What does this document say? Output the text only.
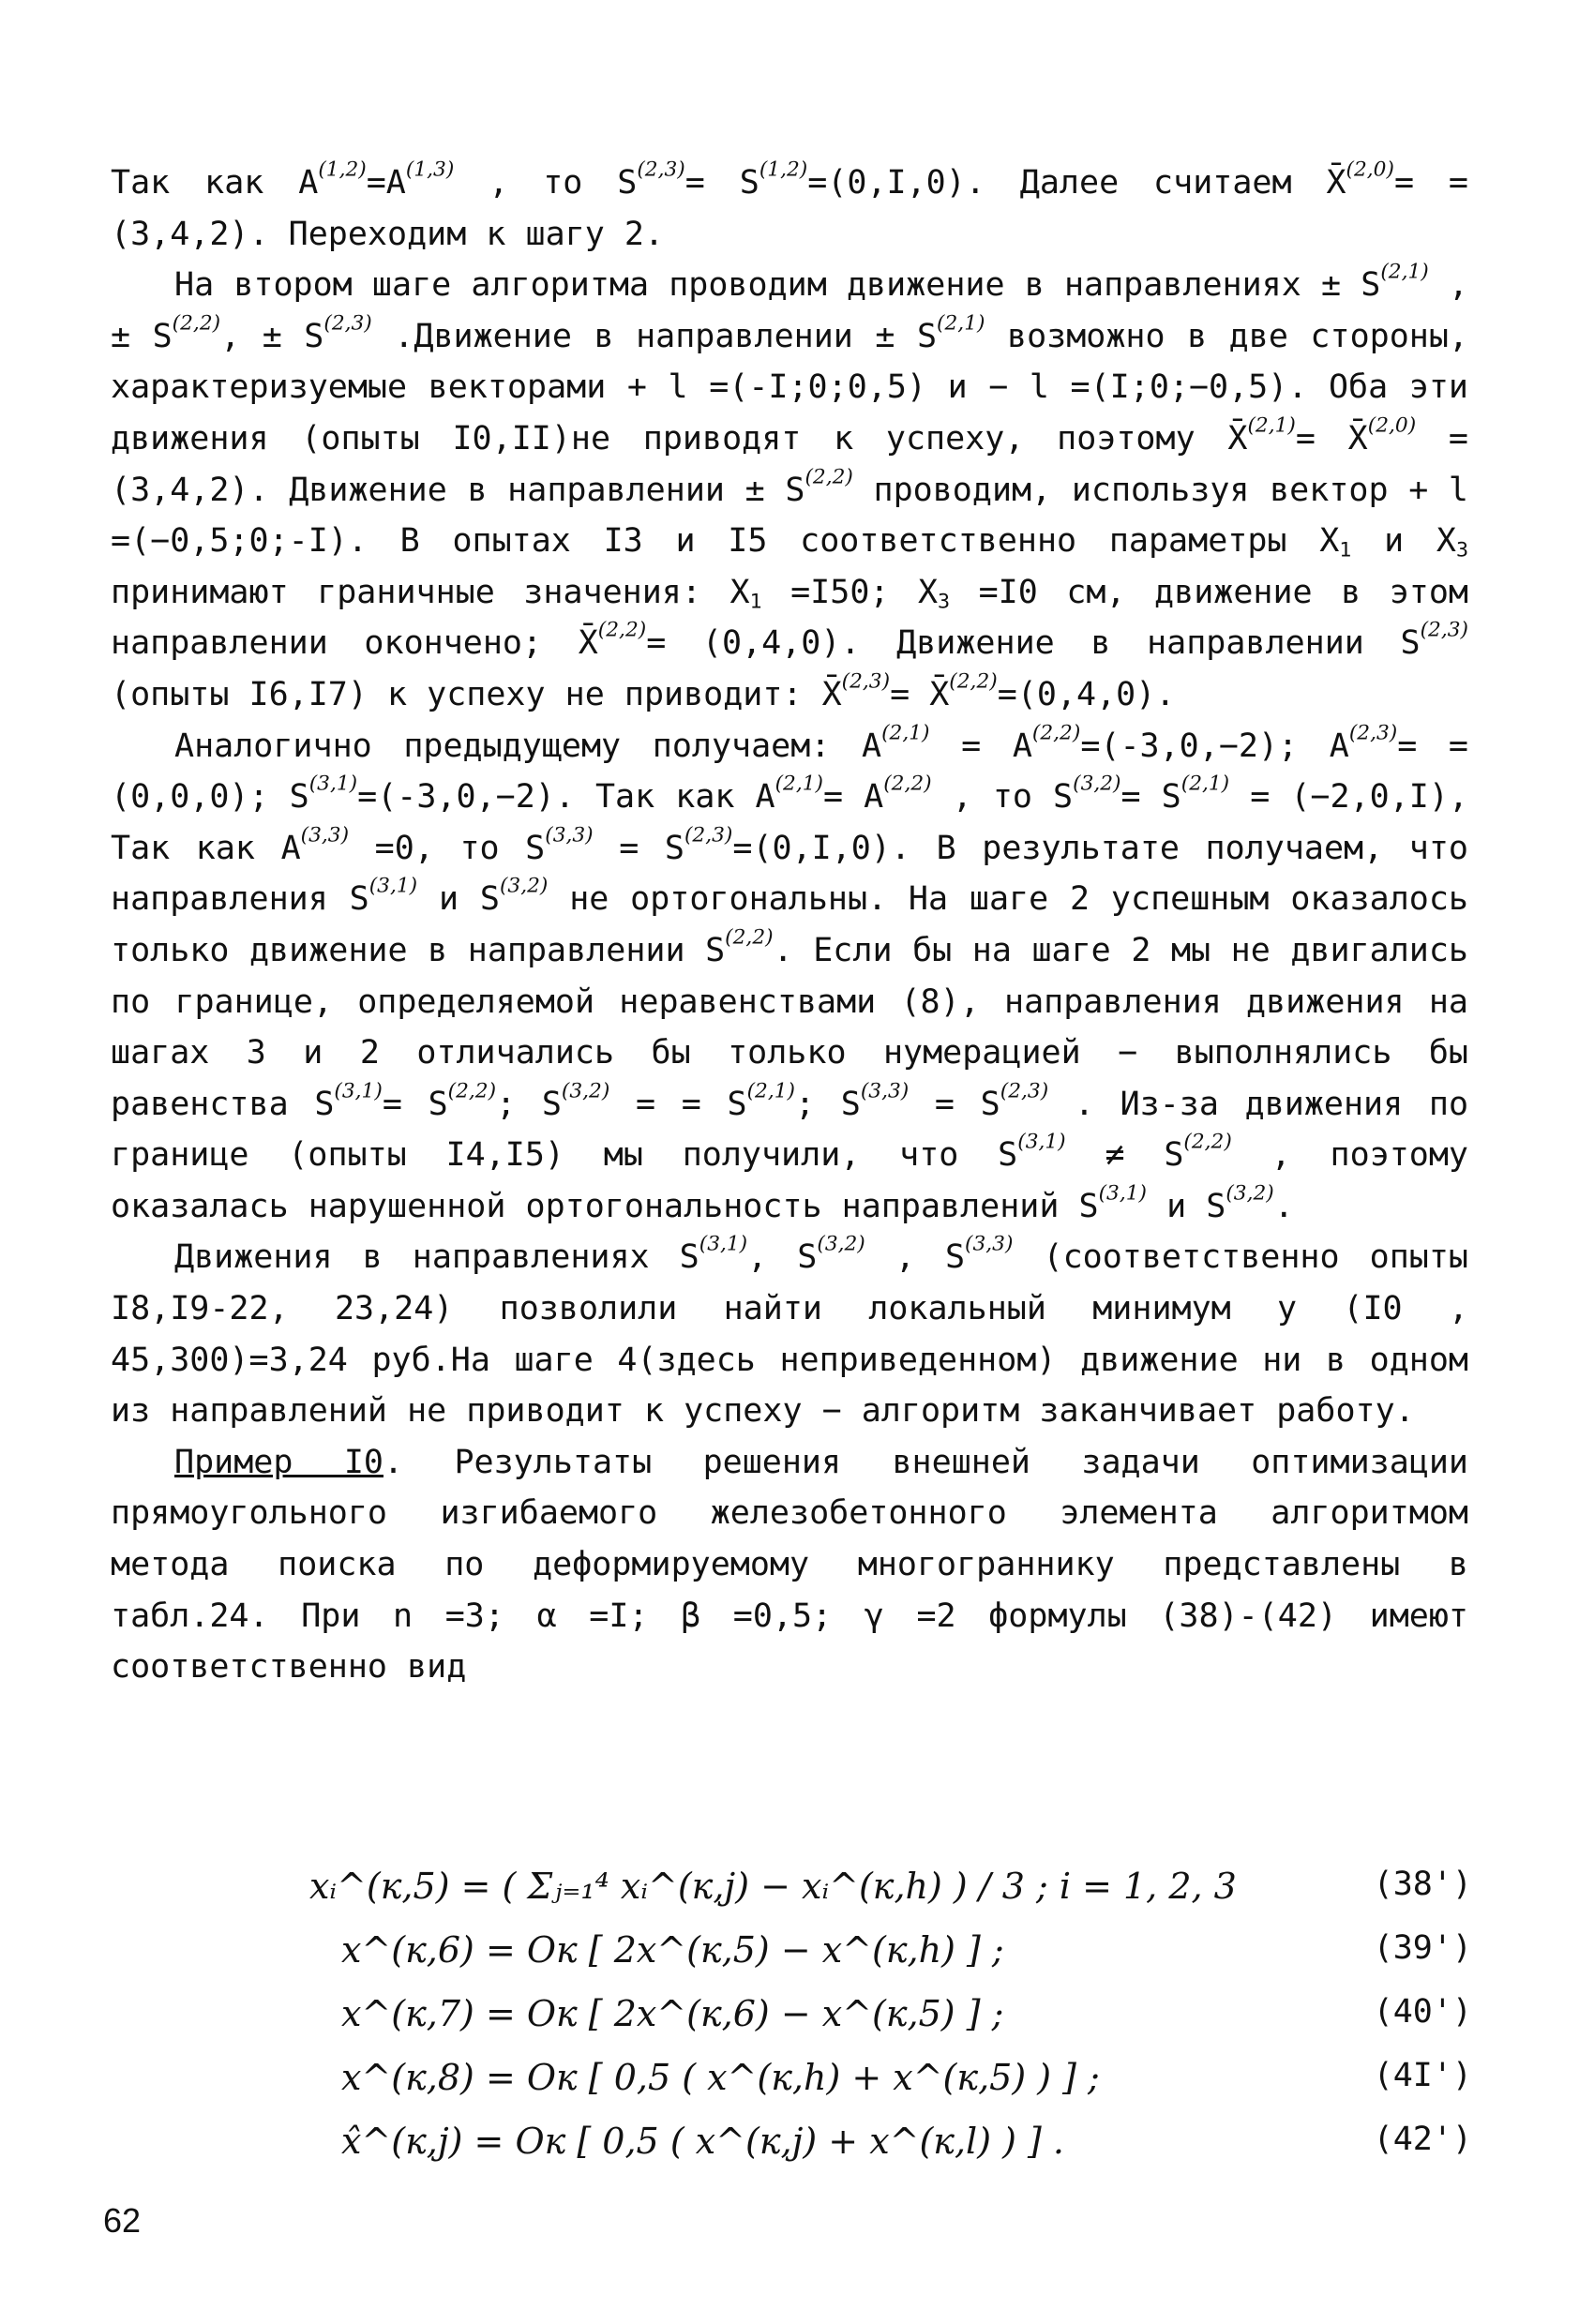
Так как $A^{(1,2)}=A^{(1,3)}$ , то S$^{(2,3)}$= S$^{(1,2)}$=(0,I,0). Далее считаем X̄$^{(2,0)}$= =(3,4,2). Переходим к шагу 2.

На втором шаге алгоритма проводим движение в направлениях ± S$^{(2,1)}$ , ± S$^{(2,2)}$, ± S$^{(2,3)}$ .Движение в направлении ± S$^{(2,1)}$ возможно в две стороны, характеризуемые векторами + l =(-I;0;0,5) и − l =(I;0;−0,5). Оба эти движения (опыты I0,II)не приводят к успеху, поэтому X̄$^{(2,1)}$= X̄$^{(2,0)}$ =(3,4,2). Движение в направлении ± S$^{(2,2)}$ проводим, используя вектор + l =(−0,5;0;-I). В опытах I3 и I5 соответственно параметры $X_1$ и $X_3$ принимают граничные значения: $X_1 =I50$; $X_3 =I0$ см, движение в этом направлении окончено; X̄$^{(2,2)}$= (0,4,0). Движение в направлении S$^{(2,3)}$ (опыты I6,I7) к успеху не приводит: X̄$^{(2,3)}$= X̄$^{(2,2)}$=(0,4,0).

Аналогично предыдущему получаем: A$^{(2,1)}$ = A$^{(2,2)}$=(-3,0,−2); A$^{(2,3)}$= =(0,0,0); S$^{(3,1)}$=(-3,0,−2). Так как A$^{(2,1)}$= A$^{(2,2)}$ , то S$^{(3,2)}$= S$^{(2,1)}$ = (−2,0,I), Так как A$^{(3,3)}$ =0, то S$^{(3,3)}$ = S$^{(2,3)}$=(0,I,0). В результате получаем, что направления S$^{(3,1)}$ и S$^{(3,2)}$ не ортогональны. На шаге 2 успешным оказалось только движение в направлении S$^{(2,2)}$. Если бы на шаге 2 мы не двигались по границе, определяемой неравенствами (8), направления движения на шагах 3 и 2 отличались бы только нумерацией − выполнялись бы равенства S$^{(3,1)}$= S$^{(2,2)}$; S$^{(3,2)}$ = = S$^{(2,1)}$; S$^{(3,3)}$ = S$^{(2,3)}$ . Из-за движения по границе (опыты I4,I5) мы получили, что S$^{(3,1)}$ ≠ S$^{(2,2)}$ , поэтому оказалась нарушенной ортогональность направлений S$^{(3,1)}$ и S$^{(3,2)}$.

Движения в направлениях S$^{(3,1)}$, S$^{(3,2)}$ , S$^{(3,3)}$ (соответственно опыты I8,I9-22, 23,24) позволили найти локальный минимум y (I0 , 45,300)=3,24 руб.На шаге 4(здесь неприведенном) движение ни в одном из направлений не приводит к успеху − алгоритм заканчивает работу.

Пример I0. Результаты решения внешней задачи оптимизации прямоугольного изгибаемого железобетонного элемента алгоритмом метода поиска по деформируемому многограннику представлены в табл.24. При n =3; α =I; β =0,5; γ =2 формулы (38)-(42) имеют соответственно вид

xᵢ^(к,5) = ( Σⱼ₌₁⁴ xᵢ^(к,j) − xᵢ^(к,h) ) / 3 ; i = 1, 2, 3	(38')
x^(к,6) = Ок [ 2x^(к,5) − x^(к,h) ] ;	(39')
x^(к,7) = Ок [ 2x^(к,6) − x^(к,5) ] ;	(40')
x^(к,8) = Ок [ 0,5 ( x^(к,h) + x^(к,5) ) ] ;	(4I')
x̂^(к,j) = Ок [ 0,5 ( x^(к,j) + x^(к,l) ) ] .	(42')
62
